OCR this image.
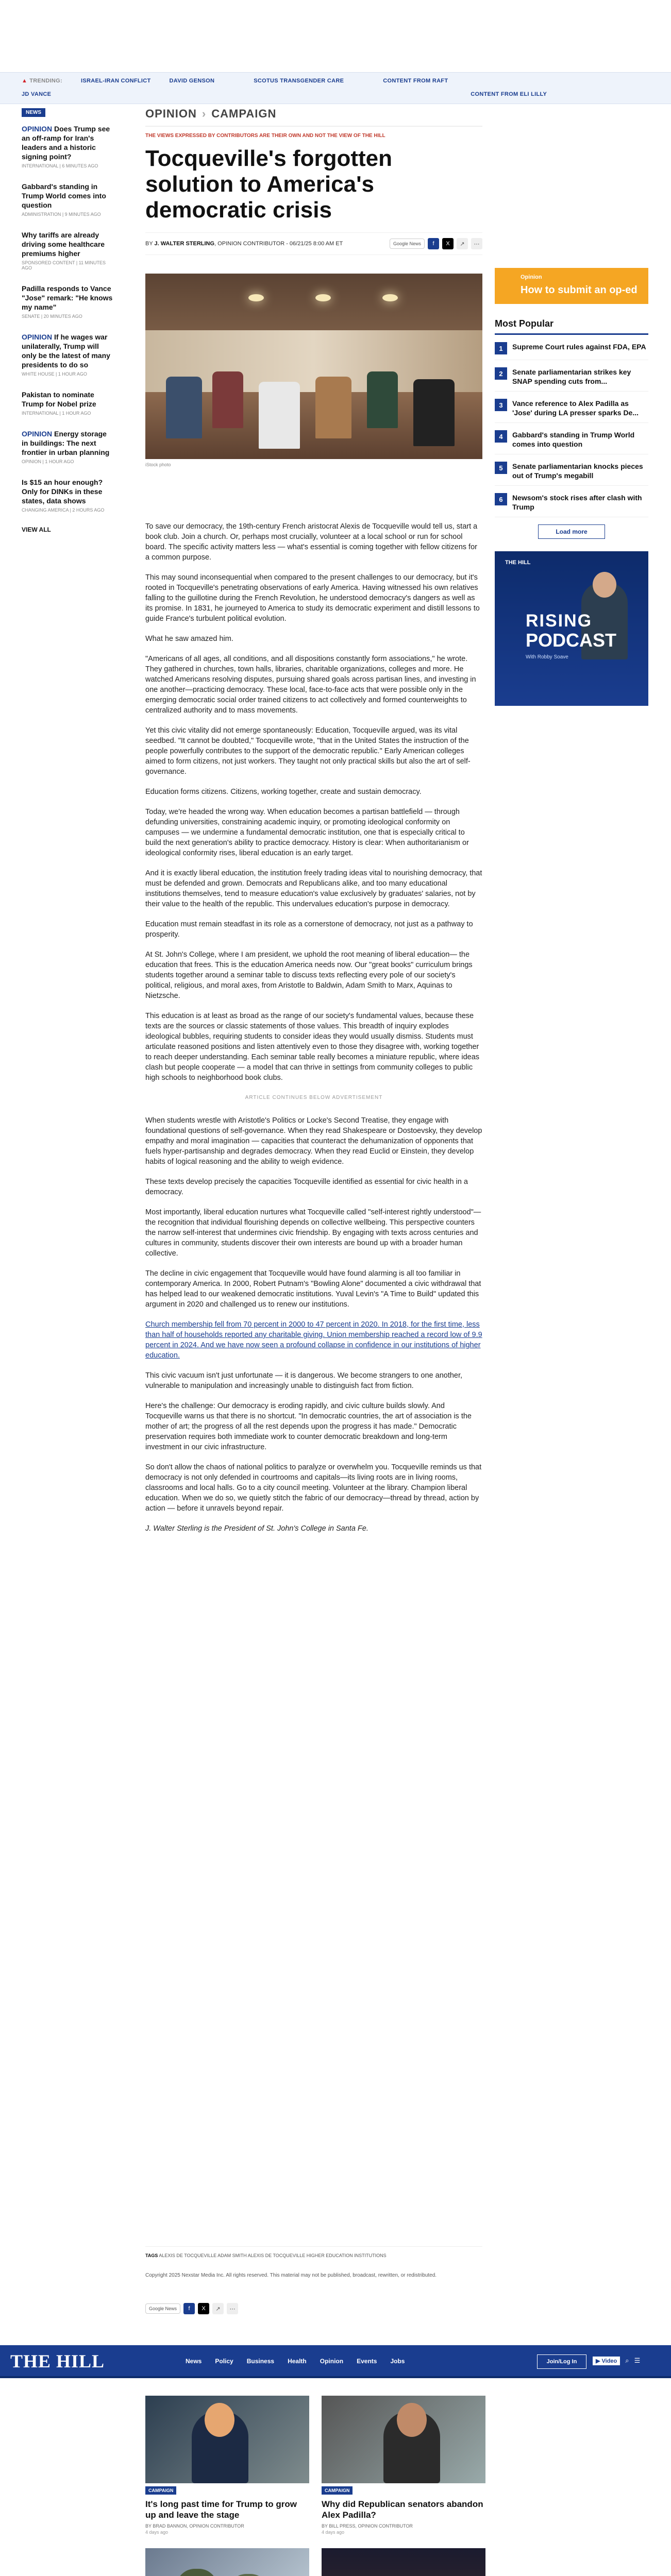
▲ TRENDING:	ISRAEL-IRAN CONFLICT	DAVID GENSON	SCOTUS TRANSGENDER CARE	CONTENT FROM RAFT
JD VANCE	CONTENT FROM ELI LILLY
NEWS
OPINION Does Trump see an off-ramp for Iran's leaders and a historic signing point?
INTERNATIONAL | 6 MINUTES AGO
Gabbard's standing in Trump World comes into question
ADMINISTRATION | 9 MINUTES AGO
Why tariffs are already driving some healthcare premiums higher
SPONSORED CONTENT | 11 MINUTES AGO
Padilla responds to Vance "Jose" remark: "He knows my name"
SENATE | 20 MINUTES AGO
OPINION If he wages war unilaterally, Trump will only be the latest of many presidents to do so
WHITE HOUSE | 1 HOUR AGO
Pakistan to nominate Trump for Nobel prize
INTERNATIONAL | 1 HOUR AGO
OPINION Energy storage in buildings: The next frontier in urban planning
OPINION | 1 HOUR AGO
Is $15 an hour enough? Only for DINKs in these states, data shows
CHANGING AMERICA | 2 HOURS AGO
VIEW ALL
OPINION › CAMPAIGN
THE VIEWS EXPRESSED BY CONTRIBUTORS ARE THEIR OWN AND NOT THE VIEW OF THE HILL
Tocqueville's forgotten solution to America's democratic crisis
BY J. WALTER STERLING, OPINION CONTRIBUTOR - 06/21/25 8:00 AM ET	Google News	f	X	↗	⋯
iStock photo
Opinion
How to submit an op-ed
Most Popular
1	Supreme Court rules against FDA, EPA
2	Senate parliamentarian strikes key SNAP spending cuts from...
3	Vance reference to Alex Padilla as 'Jose' during LA presser sparks De...
4	Gabbard's standing in Trump World comes into question
5	Senate parliamentarian knocks pieces out of Trump's megabill
6	Newsom's stock rises after clash with Trump
Load more
THE HILL
RISING
PODCAST
With Robby Soave

To save our democracy, the 19th-century French aristocrat Alexis de Tocqueville would tell us, start a book club. Join a church. Or, perhaps most crucially, volunteer at a local school or run for school board. The specific activity matters less — what's essential is coming together with fellow citizens for a common purpose.

This may sound inconsequential when compared to the present challenges to our democracy, but it's rooted in Tocqueville's penetrating observations of early America. Having witnessed his own relatives falling to the guillotine during the French Revolution, he understood democracy's dangers as well as its promise. In 1831, he journeyed to America to study its democratic experiment and distill lessons to guide France's turbulent political evolution.

What he saw amazed him.

"Americans of all ages, all conditions, and all dispositions constantly form associations," he wrote. They gathered in churches, town halls, libraries, charitable organizations, colleges and more. He watched Americans resolving disputes, pursuing shared goals across partisan lines, and investing in one another—practicing democracy. These local, face-to-face acts that were possible only in the emerging democratic social order trained citizens to act collectively and formed counterweights to centralized authority and to mass movements.

Yet this civic vitality did not emerge spontaneously: Education, Tocqueville argued, was its vital seedbed. "It cannot be doubted," Tocqueville wrote, "that in the United States the instruction of the people powerfully contributes to the support of the democratic republic." Early American colleges aimed to form citizens, not just workers. They taught not only practical skills but also the art of self-governance.

Education forms citizens. Citizens, working together, create and sustain democracy.

Today, we're headed the wrong way. When education becomes a partisan battlefield — through defunding universities, constraining academic inquiry, or promoting ideological conformity on campuses — we undermine a fundamental democratic institution, one that is especially critical to build the next generation's ability to practice democracy. History is clear: When authoritarianism or ideological conformity rises, liberal education is an early target.

And it is exactly liberal education, the institution freely trading ideas vital to nourishing democracy, that must be defended and grown. Democrats and Republicans alike, and too many educational institutions themselves, tend to measure education's value exclusively by graduates' salaries, not by their value to the health of the republic. This undervalues education's purpose in democracy.

Education must remain steadfast in its role as a cornerstone of democracy, not just as a pathway to prosperity.

At St. John's College, where I am president, we uphold the root meaning of liberal education— the education that frees. This is the education America needs now. Our "great books" curriculum brings students together around a seminar table to discuss texts reflecting every pole of our society's political, religious, and moral axes, from Aristotle to Baldwin, Adam Smith to Marx, Aquinas to Nietzsche.

This education is at least as broad as the range of our society's fundamental values, because these texts are the sources or classic statements of those values. This breadth of inquiry explodes ideological bubbles, requiring students to consider ideas they would usually dismiss. Students must articulate reasoned positions and listen attentively even to those they disagree with, working together to reach deeper understanding. Each seminar table really becomes a miniature republic, where ideas clash but people cooperate — a model that can thrive in settings from community colleges to public high schools to neighborhood book clubs.

ARTICLE CONTINUES BELOW ADVERTISEMENT

When students wrestle with Aristotle's Politics or Locke's Second Treatise, they engage with foundational questions of self-governance. When they read Shakespeare or Dostoevsky, they develop empathy and moral imagination — capacities that counteract the dehumanization of opponents that fuels hyper-partisanship and degrades democracy. When they read Euclid or Einstein, they develop habits of logical reasoning and the ability to weigh evidence.

These texts develop precisely the capacities Tocqueville identified as essential for civic health in a democracy.

Most importantly, liberal education nurtures what Tocqueville called "self-interest rightly understood"—the recognition that individual flourishing depends on collective wellbeing. This perspective counters the narrow self-interest that undermines civic friendship. By engaging with texts across centuries and cultures in community, students discover their own interests are bound up with a broader human collective.

The decline in civic engagement that Tocqueville would have found alarming is all too familiar in contemporary America. In 2000, Robert Putnam's "Bowling Alone" documented a civic withdrawal that has helped lead to our weakened democratic institutions. Yuval Levin's "A Time to Build" updated this argument in 2020 and challenged us to renew our institutions.

Church membership fell from 70 percent in 2000 to 47 percent in 2020. In 2018, for the first time, less than half of households reported any charitable giving. Union membership reached a record low of 9.9 percent in 2024. And we have now seen a profound collapse in confidence in our institutions of higher education.

This civic vacuum isn't just unfortunate — it is dangerous. We become strangers to one another, vulnerable to manipulation and increasingly unable to distinguish fact from fiction.

Here's the challenge: Our democracy is eroding rapidly, and civic culture builds slowly. And Tocqueville warns us that there is no shortcut. "In democratic countries, the art of association is the mother of art; the progress of all the rest depends upon the progress it has made." Democratic preservation requires both immediate work to counter democratic breakdown and long-term investment in our civic infrastructure.

So don't allow the chaos of national politics to paralyze or overwhelm you. Tocqueville reminds us that democracy is not only defended in courtrooms and capitals—its living roots are in living rooms, classrooms and local halls. Go to a city council meeting. Volunteer at the library. Champion liberal education. When we do so, we quietly stitch the fabric of our democracy—thread by thread, action by action — before it unravels beyond repair.

J. Walter Sterling is the President of St. John's College in Santa Fe.

TAGS ALEXIS DE TOCQUEVILLE ADAM SMITH ALEXIS DE TOCQUEVILLE HIGHER EDUCATION INSTITUTIONS
Copyright 2025 Nexstar Media Inc. All rights reserved. This material may not be published, broadcast, rewritten, or redistributed.
Google News	f	X	↗	⋯
THE HILL	News Policy Business Health Opinion Events Jobs	Join/Log In	▶ Video	⌕ ☰
CAMPAIGN
It's long past time for Trump to grow up and leave the stage
BY BRAD BANNON, OPINION CONTRIBUTOR
4 days ago
CAMPAIGN
Why did Republican senators abandon Alex Padilla?
BY BILL PRESS, OPINION CONTRIBUTOR
4 days ago
